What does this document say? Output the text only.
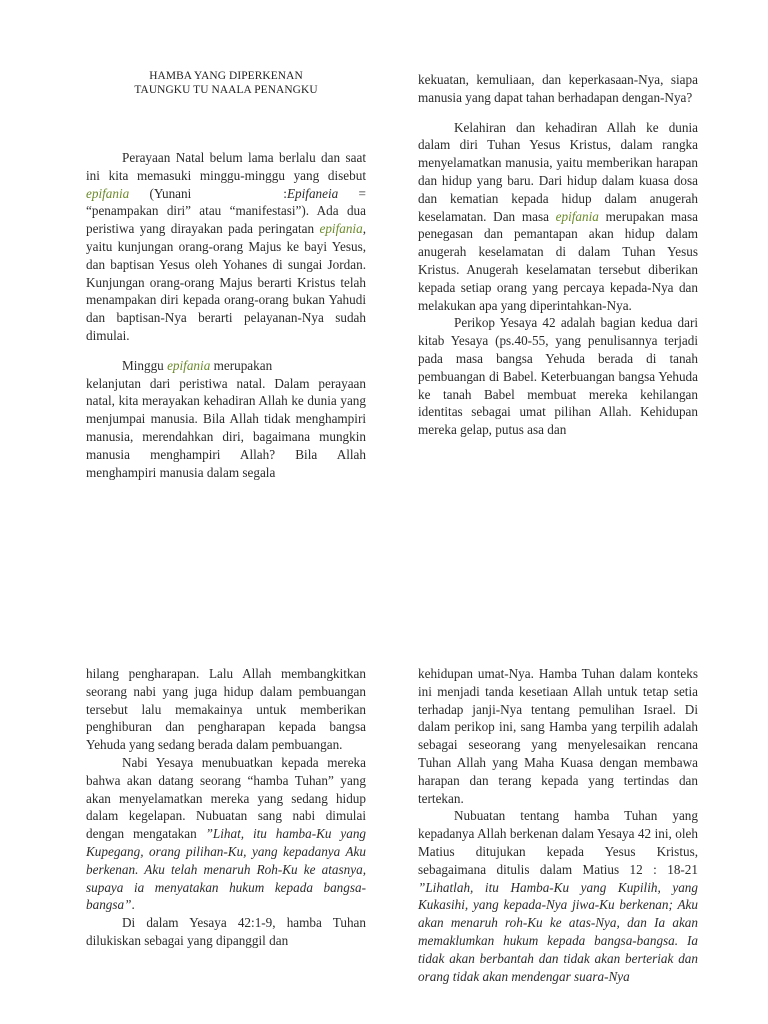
HAMBA YANG DIPERKENAN
TAUNGKU TU NAALA PENANGKU

Perayaan Natal belum lama berlalu dan saat ini kita memasuki minggu-minggu yang disebut epifania (Yunani	:Epifaneia = “penampakan diri” atau “manifestasi”). Ada dua peristiwa yang dirayakan pada peringatan epifania, yaitu kunjungan orang-orang Majus ke bayi Yesus, dan baptisan Yesus oleh Yohanes di sungai Jordan. Kunjungan orang-orang Majus berarti Kristus telah menampakan diri kepada orang-orang bukan Yahudi dan baptisan-Nya berarti pelayanan-Nya sudah dimulai.

Minggu epifania merupakan

kelanjutan dari peristiwa natal. Dalam perayaan natal, kita merayakan kehadiran Allah ke dunia yang menjumpai manusia. Bila Allah tidak menghampiri manusia, merendahkan diri, bagaimana mungkin manusia menghampiri Allah? Bila Allah menghampiri manusia dalam segala

kekuatan, kemuliaan, dan keperkasaan-Nya, siapa manusia yang dapat tahan berhadapan dengan-Nya?

Kelahiran dan kehadiran Allah ke dunia dalam diri Tuhan Yesus Kristus, dalam rangka menyelamatkan manusia, yaitu memberikan harapan dan hidup yang baru. Dari hidup dalam kuasa dosa dan kematian kepada hidup dalam anugerah keselamatan. Dan masa epifania merupakan masa penegasan dan pemantapan akan hidup dalam anugerah keselamatan di dalam Tuhan Yesus Kristus. Anugerah keselamatan tersebut diberikan kepada setiap orang yang percaya kepada-Nya dan melakukan apa yang diperintahkan-Nya.

Perikop Yesaya 42 adalah bagian kedua dari kitab Yesaya (ps.40-55, yang penulisannya terjadi pada masa bangsa Yehuda berada di tanah pembuangan di Babel. Keterbuangan bangsa Yehuda ke tanah Babel membuat mereka kehilangan identitas sebagai umat pilihan Allah. Kehidupan mereka gelap, putus asa dan

hilang pengharapan. Lalu Allah membangkitkan seorang nabi yang juga hidup dalam pembuangan tersebut lalu memakainya untuk memberikan penghiburan dan pengharapan kepada bangsa Yehuda yang sedang berada dalam pembuangan.

Nabi Yesaya menubuatkan kepada mereka bahwa akan datang seorang “hamba Tuhan” yang akan menyelamatkan mereka yang sedang hidup dalam kegelapan. Nubuatan sang nabi dimulai dengan mengatakan ”Lihat, itu hamba-Ku yang Kupegang, orang pilihan-Ku, yang kepadanya Aku berkenan. Aku telah menaruh Roh-Ku ke atasnya, supaya ia menyatakan hukum kepada bangsa-bangsa”.

Di dalam Yesaya 42:1-9, hamba Tuhan dilukiskan sebagai yang dipanggil dan

kehidupan umat-Nya. Hamba Tuhan dalam konteks ini menjadi tanda kesetiaan Allah untuk tetap setia terhadap janji-Nya tentang pemulihan Israel. Di dalam perikop ini, sang Hamba yang terpilih adalah sebagai seseorang yang menyelesaikan rencana Tuhan Allah yang Maha Kuasa dengan membawa harapan dan terang kepada yang tertindas dan tertekan.

Nubuatan tentang hamba Tuhan yang kepadanya Allah berkenan dalam Yesaya 42 ini, oleh Matius ditujukan kepada Yesus Kristus, sebagaimana ditulis dalam Matius 12 : 18-21 ”Lihatlah, itu Hamba-Ku yang Kupilih, yang Kukasihi, yang kepada-Nya jiwa-Ku berkenan; Aku akan menaruh roh-Ku ke atas-Nya, dan Ia akan memaklumkan hukum kepada bangsa-bangsa. Ia tidak akan berbantah dan tidak akan berteriak dan orang tidak akan mendengar suara-Nya
